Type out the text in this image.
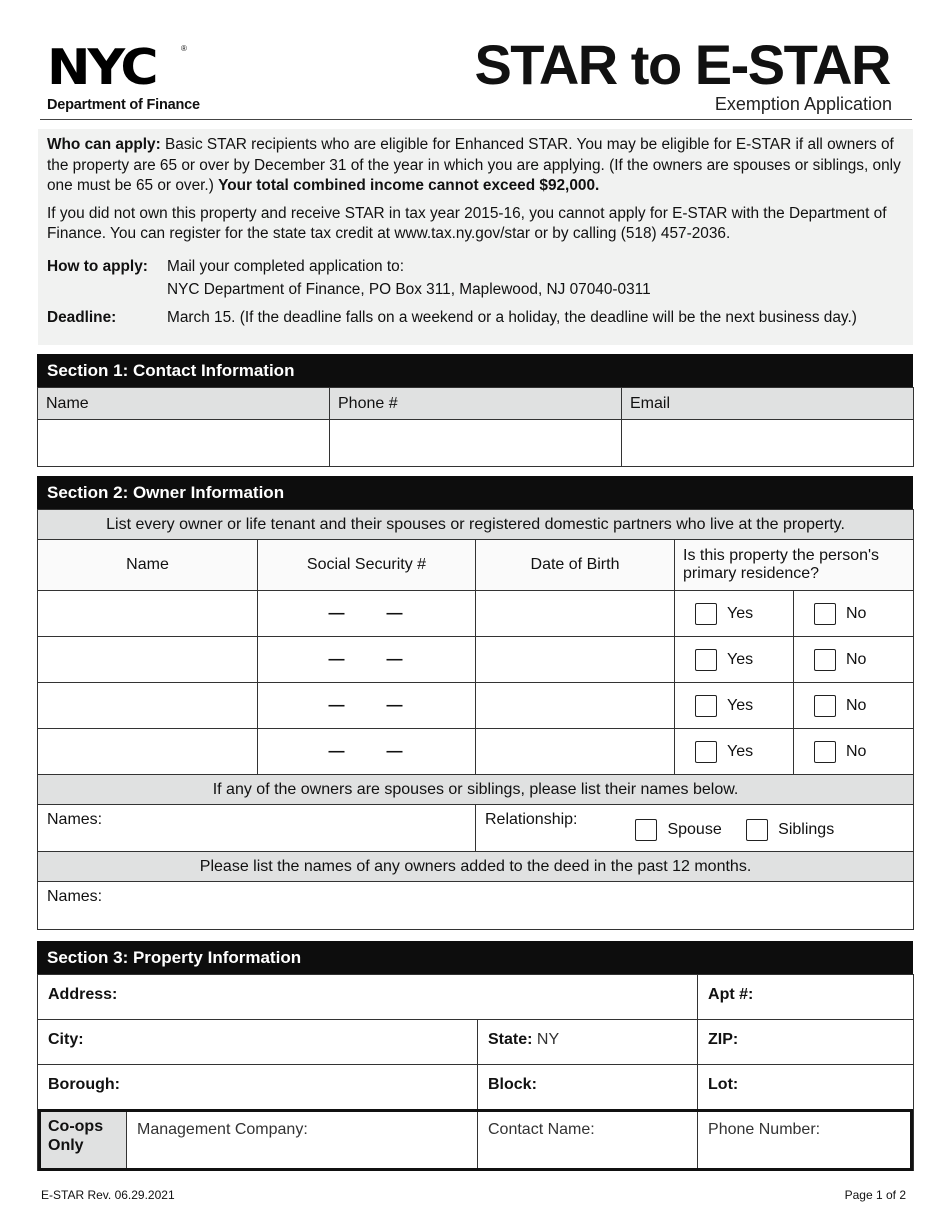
NYC	®
Department of Finance
STAR to E-STAR
Exemption Application

Who can apply: Basic STAR recipients who are eligible for Enhanced STAR. You may be eligible for E-STAR if all owners of the property are 65 or over by December 31 of the year in which you are applying. (If the owners are spouses or siblings, only one must be 65 or over.) Your total combined income cannot exceed $92,000.

If you did not own this property and receive STAR in tax year 2015-16, you cannot apply for E-STAR with the Department of Finance. You can register for the state tax credit at www.tax.ny.gov/star or by calling (518) 457-2036.

How to apply:	Mail your completed application to:
NYC Department of Finance, PO Box 311, Maplewood, NJ 07040-0311
Deadline:	March 15. (If the deadline falls on a weekend or a holiday, the deadline will be the next business day.)
Section 1: Contact Information
Name	Phone #	Email

Section 2: Owner Information
List every owner or life tenant and their spouses or registered domestic partners who live at the property.				
Name	Social Security #	Date of Birth	Is this property the person's primary residence?	
	— —		Yes	No
	— —		Yes	No
	— —		Yes	No
	— —		Yes	No
If any of the owners are spouses or siblings, please list their names below.				
Names:		Relationship: Spouse Siblings		
Please list the names of any owners added to the deed in the past 12 months.				
Names:				
Section 3: Property Information
Address:			Apt #:
City:		State: NY	ZIP:
Borough:		Block:	Lot:
Co-ops Only	Management Company:	Contact Name:	Phone Number:
E-STAR Rev. 06.29.2021	Page 1 of 2
